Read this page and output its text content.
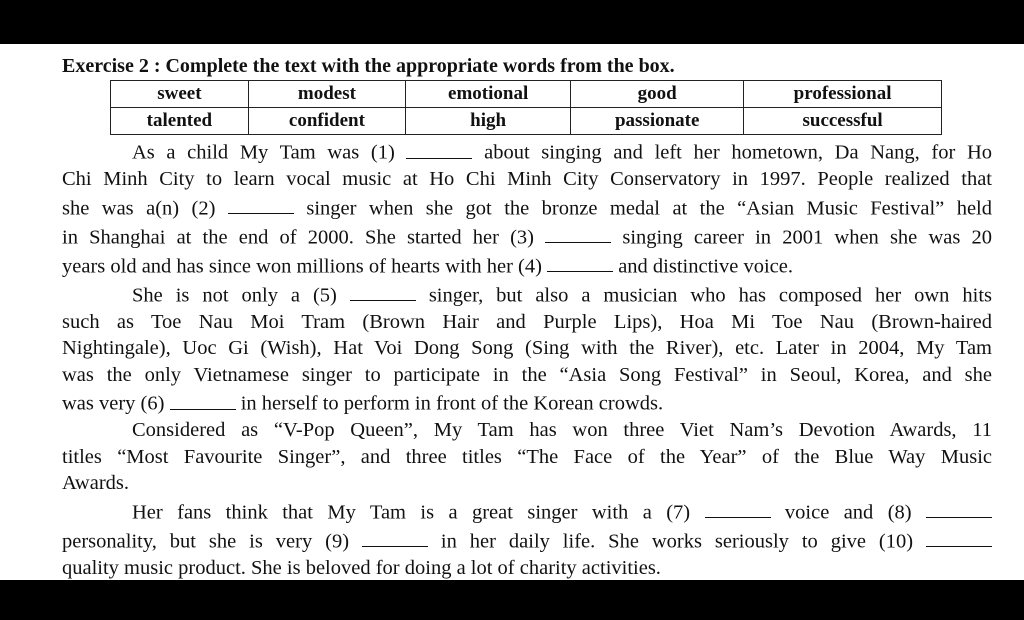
Exercise 2 : Complete the text with the appropriate words from the box.

sweet	modest	emotional	good	professional
talented	confident	high	passionate	successful
As a child My Tam was (1)	about singing and left her hometown, Da Nang, for Ho
Chi Minh City to learn vocal music at Ho Chi Minh City Conservatory in 1997. People realized that
she was a(n) (2)	singer when she got the bronze medal at the “Asian Music Festival” held
in Shanghai at the end of 2000. She started her (3)	singing career in 2001 when she was 20
years old and has since won millions of hearts with her (4)	and distinctive voice.
She is not only a (5)	singer, but also a musician who has composed her own hits
such as Toe Nau Moi Tram (Brown Hair and Purple Lips), Hoa Mi Toe Nau (Brown-haired
Nightingale), Uoc Gi (Wish), Hat Voi Dong Song (Sing with the River), etc. Later in 2004, My Tam
was the only Vietnamese singer to participate in the “Asia Song Festival” in Seoul, Korea, and she
was very (6)	in herself to perform in front of the Korean crowds.
Considered as “V-Pop Queen”, My Tam has won three Viet Nam’s Devotion Awards, 11
titles “Most Favourite Singer”, and three titles “The Face of the Year” of the Blue Way Music
Awards.
Her fans think that My Tam is a great singer with a (7)	voice and (8)
personality, but she is very (9)	in her daily life. She works seriously to give (10)
quality music product. She is beloved for doing a lot of charity activities.
